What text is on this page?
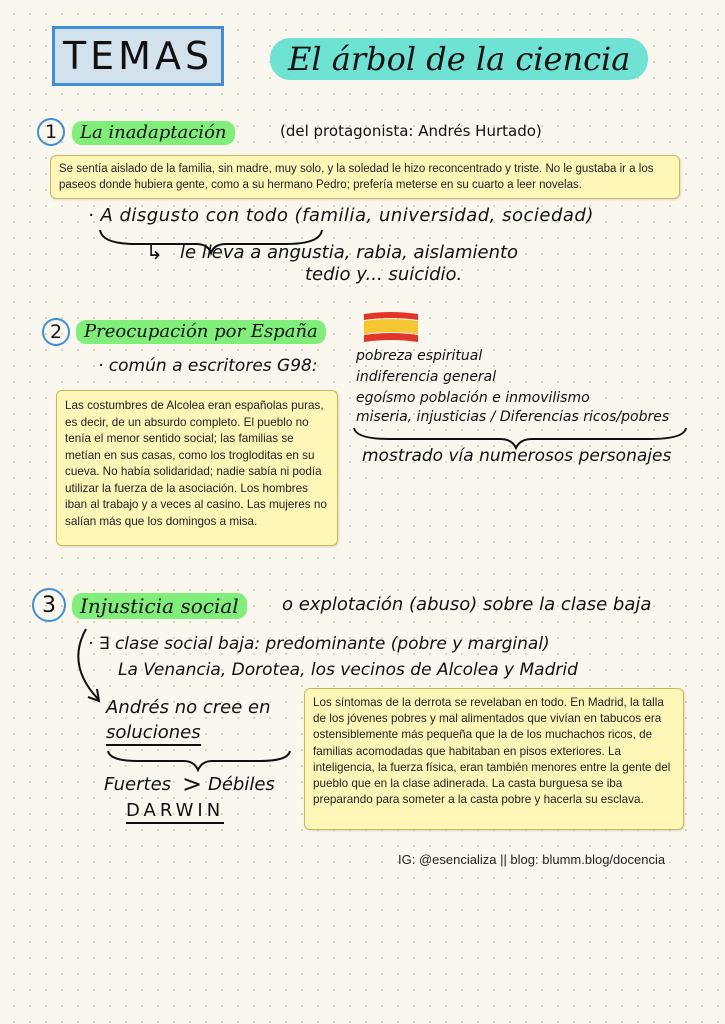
TEMAS	El árbol de la ciencia
1	La inadaptación	(del protagonista: Andrés Hurtado)
Se sentía aislado de la familia, sin madre, muy solo, y la soledad le hizo reconcentrado y triste. No le gustaba ir a los paseos donde hubiera gente, como a su hermano Pedro; prefería meterse en su cuarto a leer novelas.
· A disgusto con todo (familia, universidad, sociedad)
↳ le lleva a angustia, rabia, aislamiento
tedio y... suicidio.
2	Preocupación por España
· común a escritores G98:	pobreza espiritual
indiferencia general
egoísmo población e inmovilismo
miseria, injusticias / Diferencias ricos/pobres
mostrado vía numerosos personajes
Las costumbres de Alcolea eran españolas puras, es decir, de un absurdo completo. El pueblo no tenía el menor sentido social; las familias se metían en sus casas, como los trogloditas en su cueva. No había solidaridad; nadie sabía ni podía utilizar la fuerza de la asociación. Los hombres iban al trabajo y a veces al casino. Las mujeres no salían más que los domingos a misa.
3	Injusticia social	o explotación (abuso) sobre la clase baja
· ∃ clase social baja: predominante (pobre y marginal)
La Venancia, Dorotea, los vecinos de Alcolea y Madrid
Andrés no cree en
soluciones
Fuertes > Débiles
DARWIN
Los síntomas de la derrota se revelaban en todo. En Madrid, la talla de los jóvenes pobres y mal alimentados que vivían en tabucos era ostensiblemente más pequeña que la de los muchachos ricos, de familias acomodadas que habitaban en pisos exteriores. La inteligencia, la fuerza física, eran también menores entre la gente del pueblo que en la clase adinerada. La casta burguesa se iba preparando para someter a la casta pobre y hacerla su esclava.
IG: @esencializa || blog: blumm.blog/docencia
